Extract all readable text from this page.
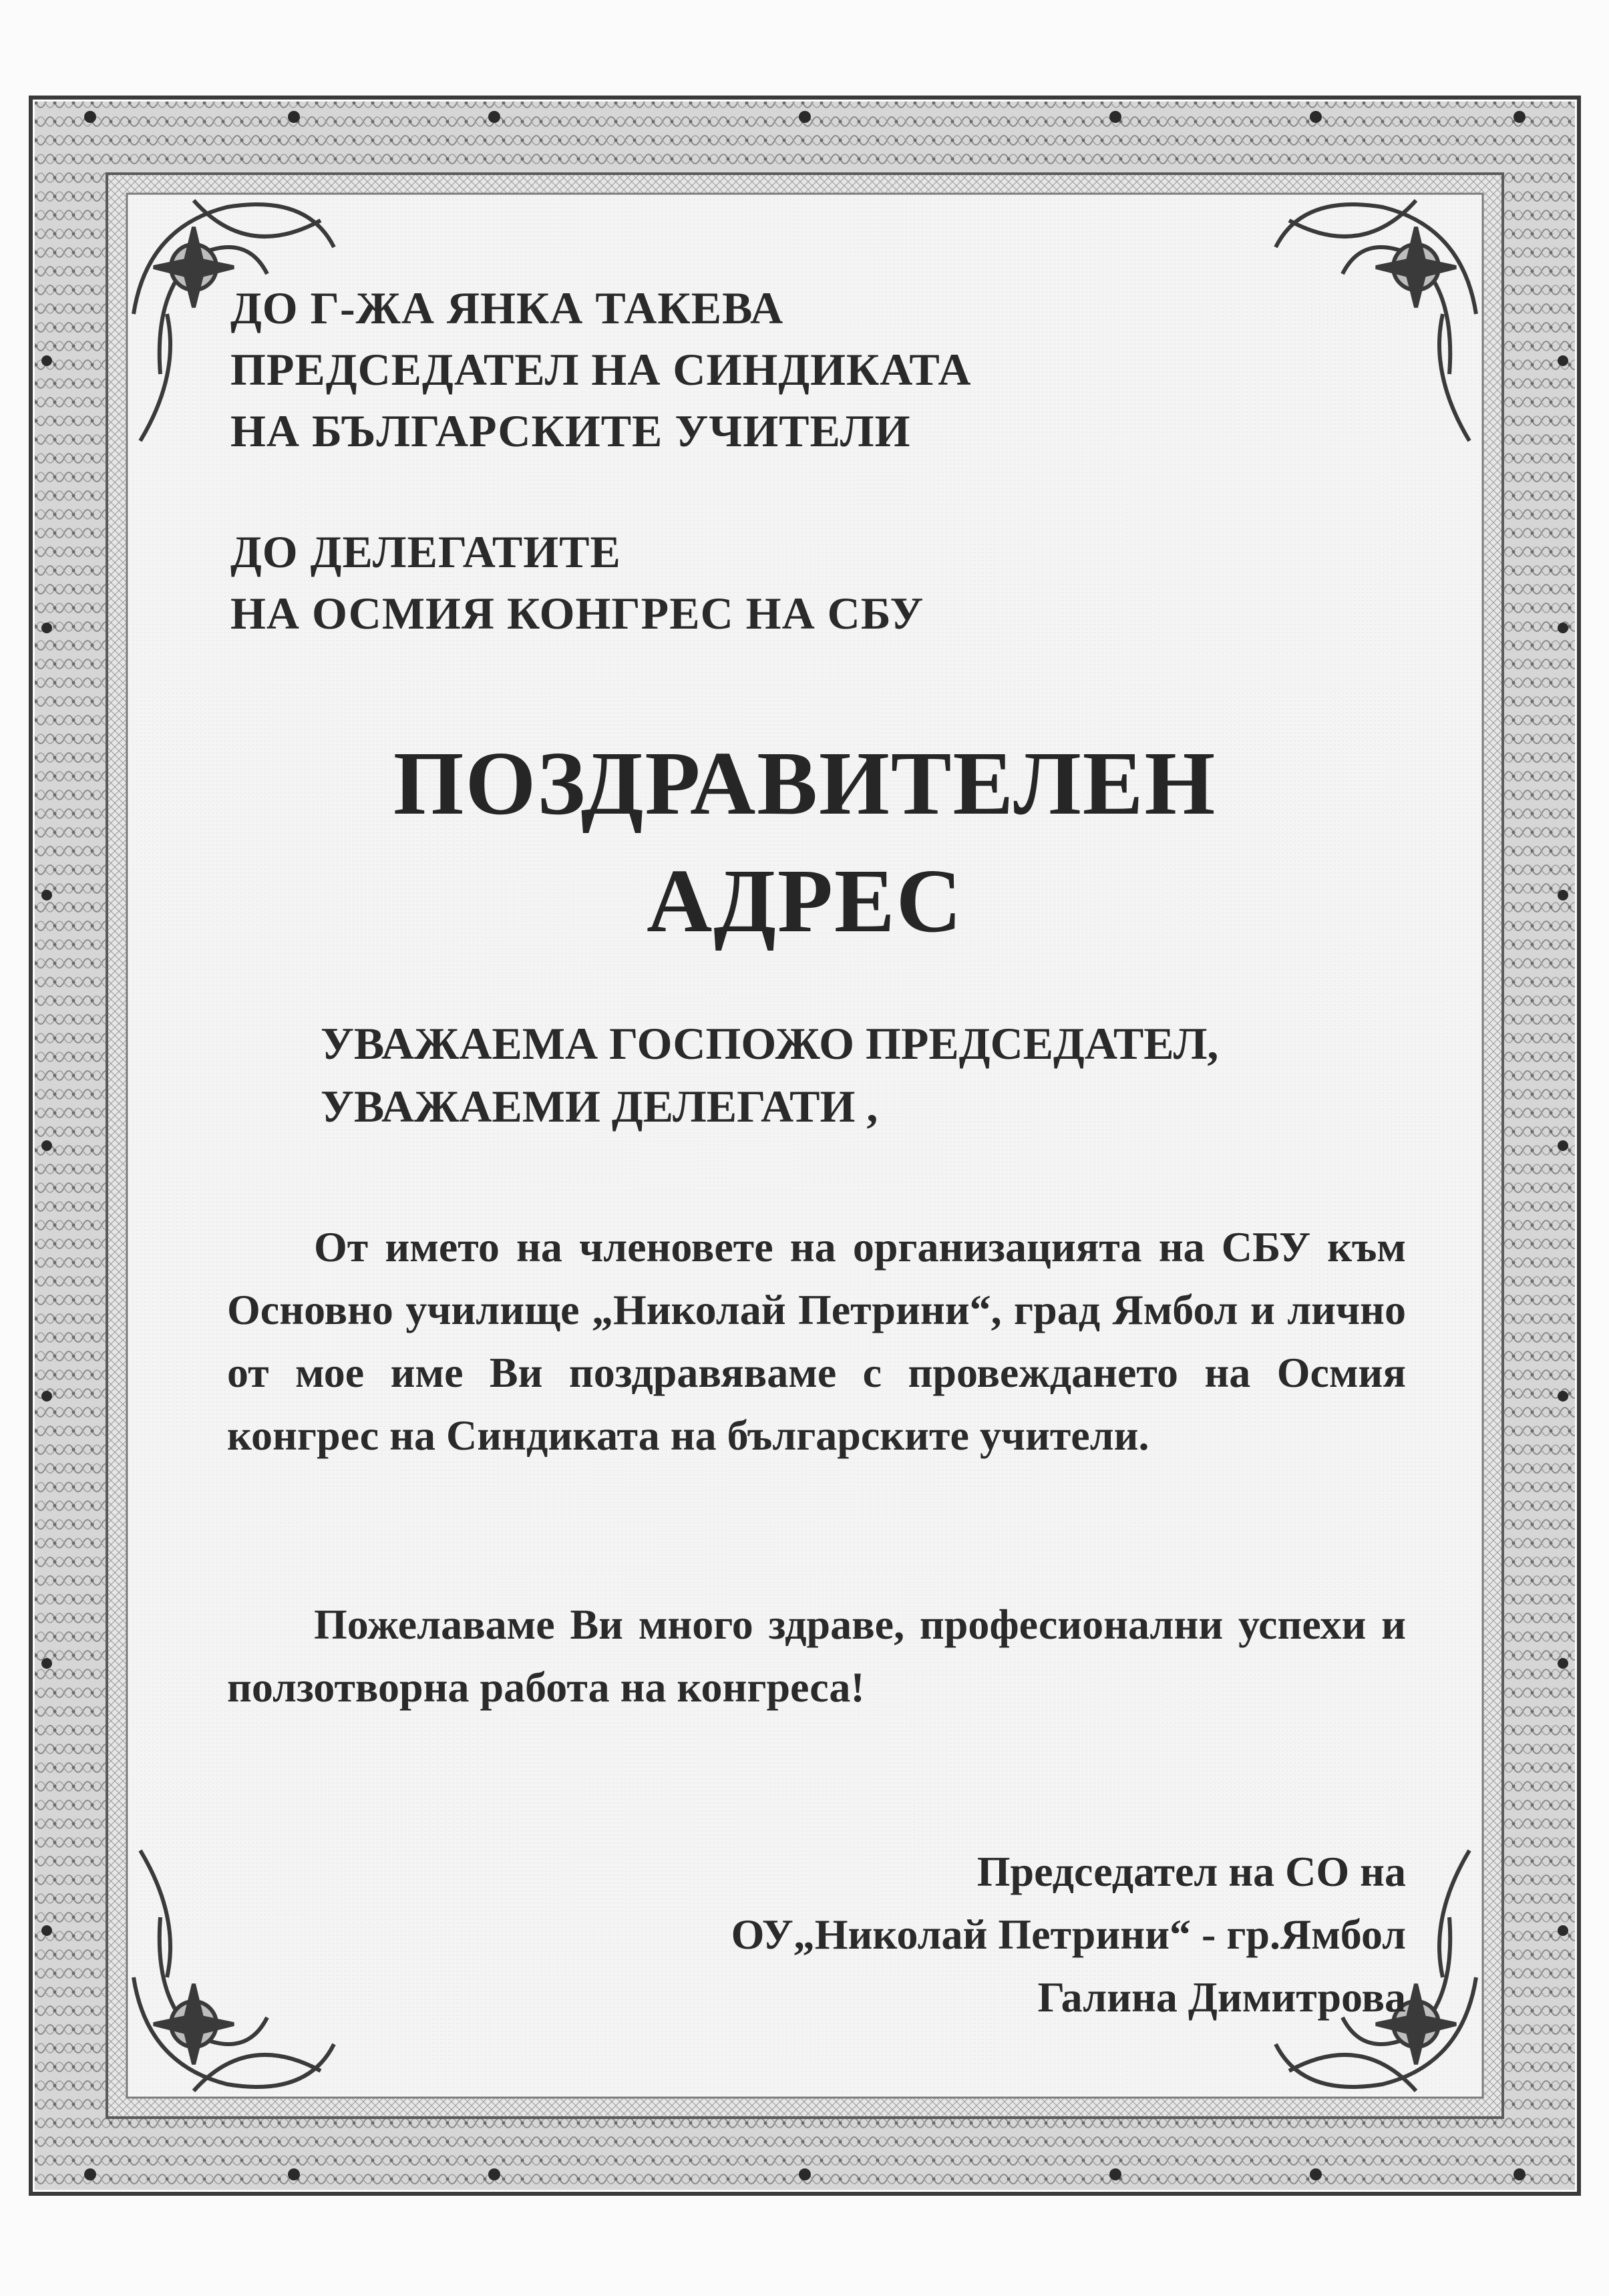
ДО Г-ЖА ЯНКА ТАКЕВА
ПРЕДСЕДАТЕЛ НА СИНДИКАТА
НА БЪЛГАРСКИТЕ УЧИТЕЛИ
ДО ДЕЛЕГАТИТЕ
НА ОСМИЯ КОНГРЕС НА СБУ
ПОЗДРАВИТЕЛЕН
АДРЕС
УВАЖАЕМА ГОСПОЖО ПРЕДСЕДАТЕЛ,
УВАЖАЕМИ ДЕЛЕГАТИ ,

От името на членовете на организацията на СБУ към Основно училище „Николай Петрини“, град Ямбол и лично от мое име Ви поздравяваме с провеждането на Осмия конгрес на Синдиката на българските учители.

Пожелаваме Ви много здраве, професионални успехи и ползотворна работа на конгреса!

Председател на СО на
ОУ„Николай Петрини“ - гр.Ямбол
Галина Димитрова
